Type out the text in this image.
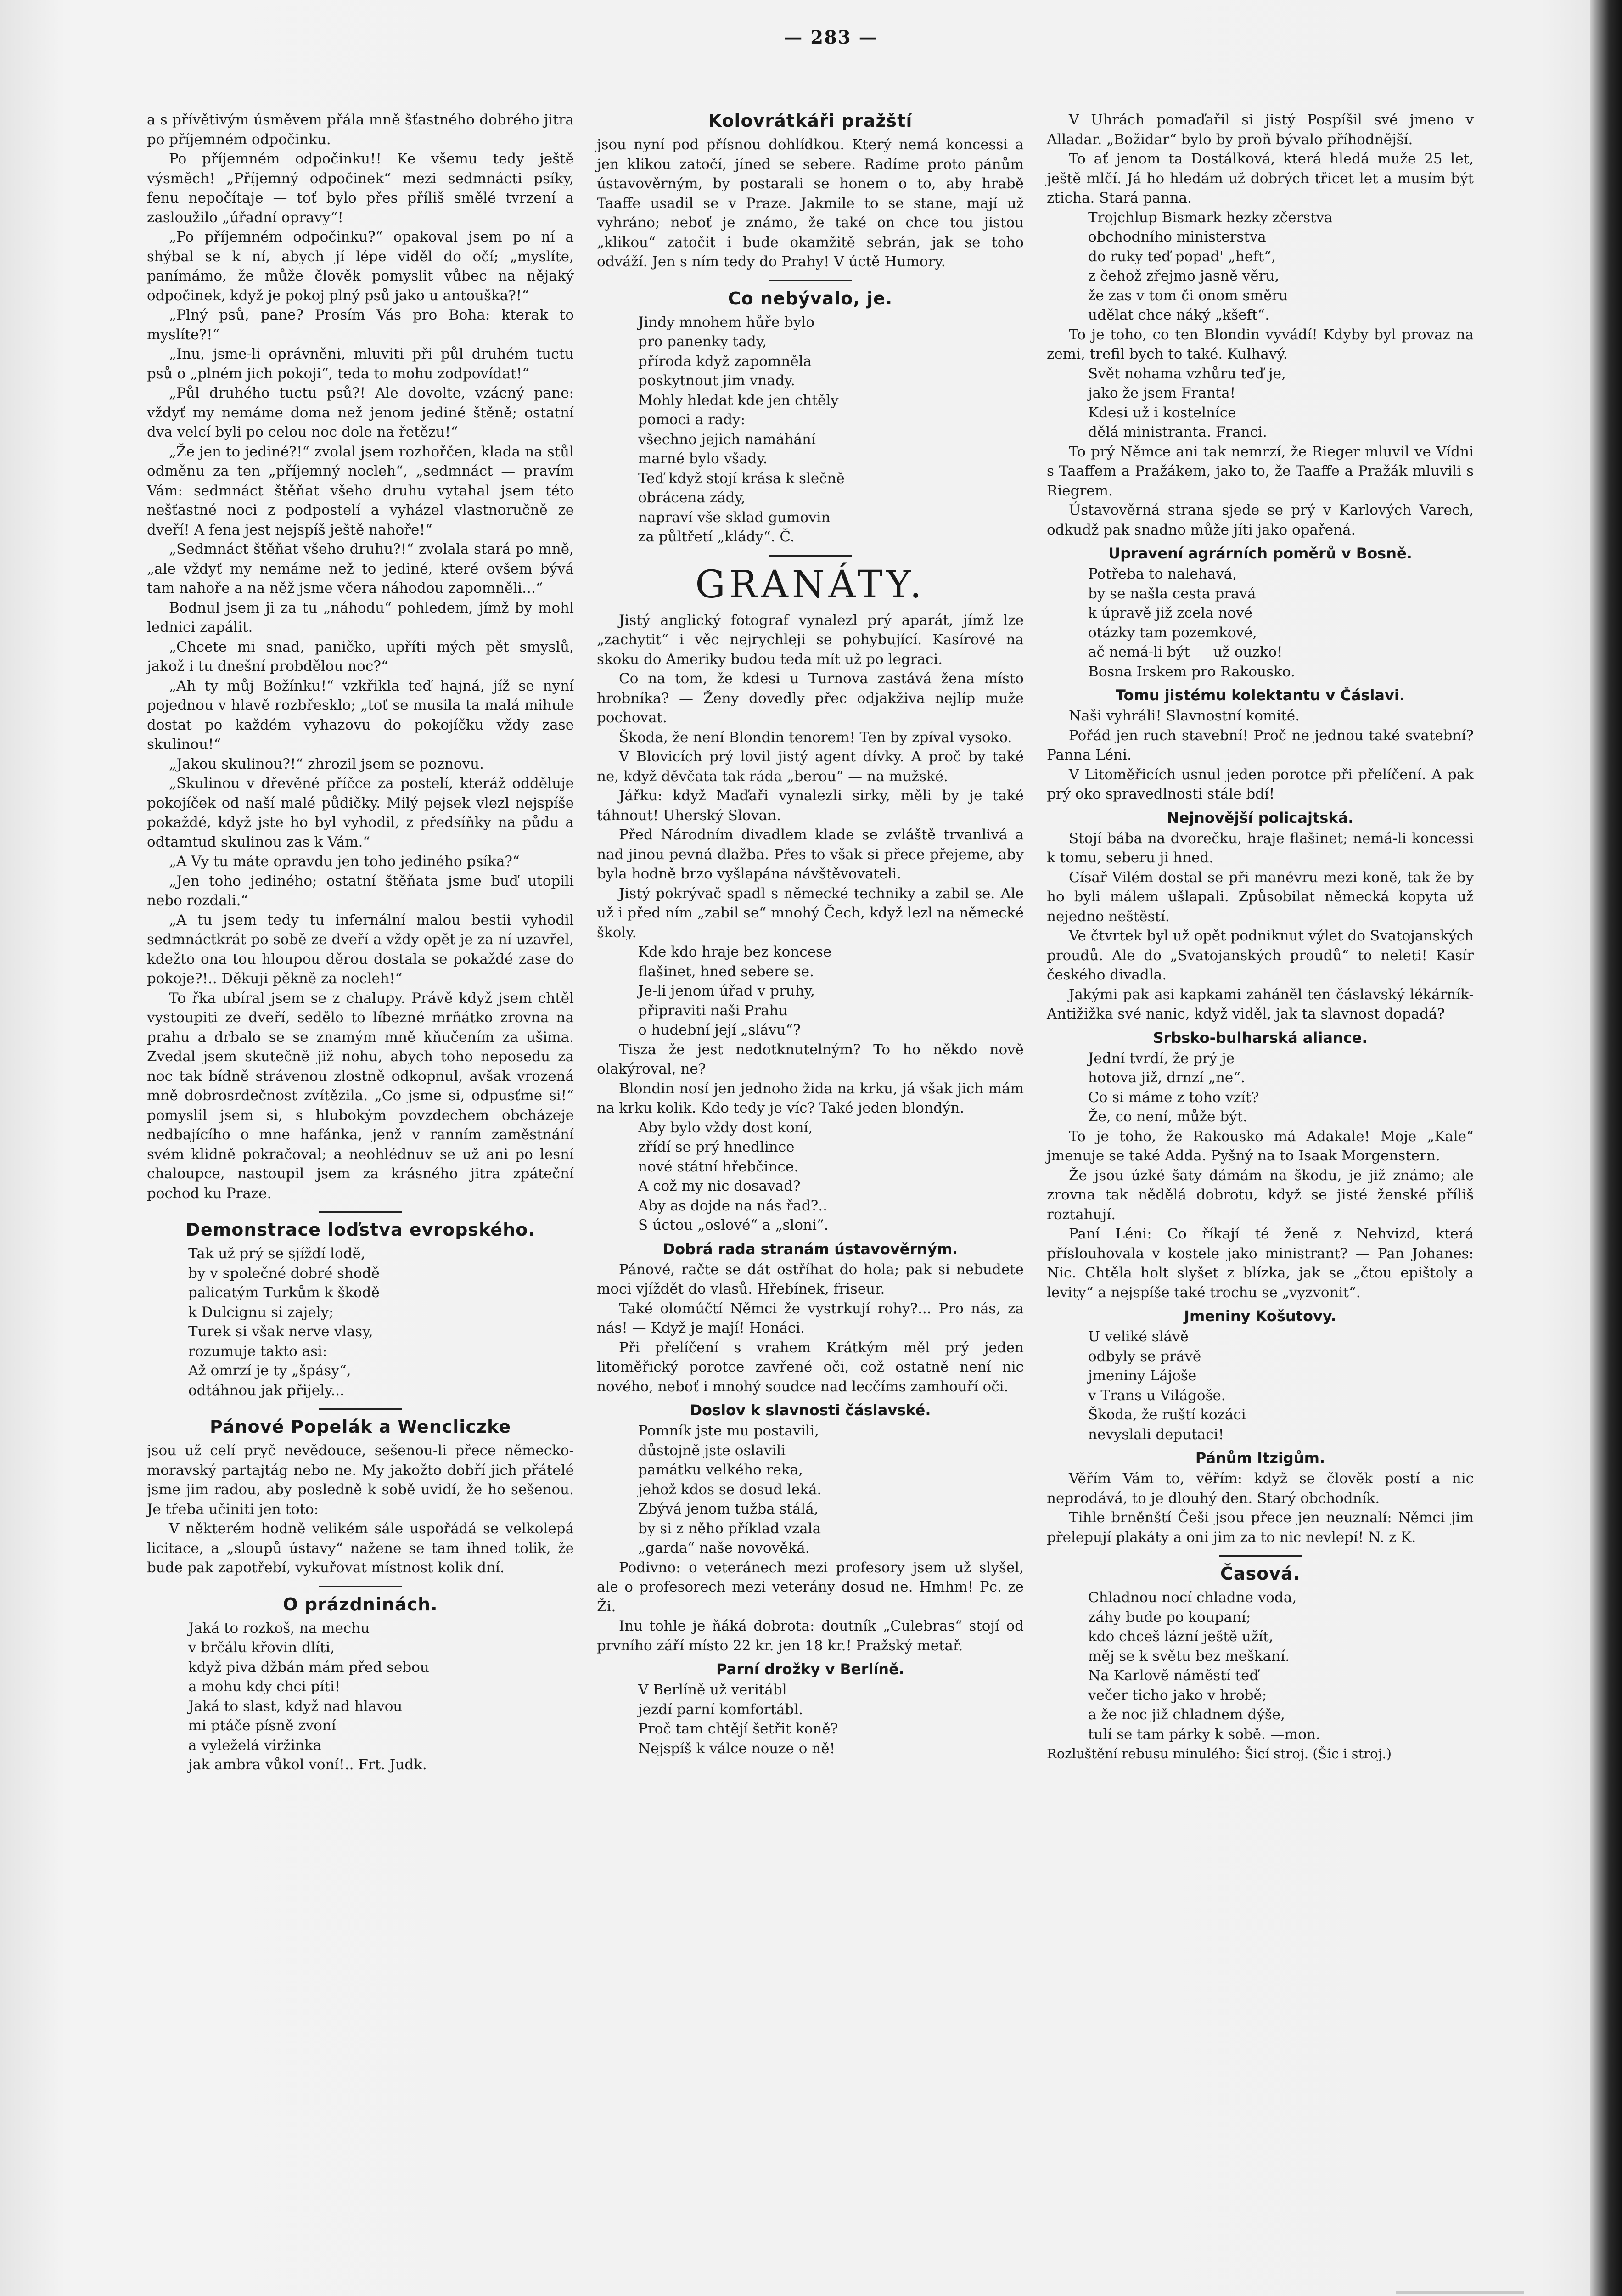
— 283 —

a s přívětivým úsměvem přála mně šťastného dobrého jitra po příjemném odpočinku.

Po příjemném odpočinku!! Ke všemu tedy ještě výsměch! „Příjemný odpočinek“ mezi sedmnácti psíky, fenu nepočítaje — toť bylo přes příliš smělé tvrzení a zasloužilo „úřadní opravy“!

„Po příjemném odpočinku?“ opakoval jsem po ní a shýbal se k ní, abych jí lépe viděl do očí; „myslíte, panímámo, že může člověk pomyslit vůbec na nějaký odpočinek, když je pokoj plný psů jako u antouška?!“

„Plný psů, pane? Prosím Vás pro Boha: kterak to myslíte?!“

„Inu, jsme-li oprávněni, mluviti při půl druhém tuctu psů o „plném jich pokoji“, teda to mohu zodpovídat!“

„Půl druhého tuctu psů?! Ale dovolte, vzácný pane: vždyť my nemáme doma než jenom jediné štěně; ostatní dva velcí byli po celou noc dole na řetězu!“

„Že jen to jediné?!“ zvolal jsem rozhořčen, klada na stůl odměnu za ten „příjemný nocleh“, „sedmnáct — pravím Vám: sedmnáct štěňat všeho druhu vytahal jsem této nešťastné noci z podpostelí a vyházel vlastnoručně ze dveří! A fena jest nejspíš ještě nahoře!“

„Sedmnáct štěňat všeho druhu?!“ zvolala stará po mně, „ale vždyť my nemáme než to jediné, které ovšem bývá tam nahoře a na něž jsme včera náhodou zapomněli...“

Bodnul jsem ji za tu „náhodu“ pohledem, jímž by mohl lednici zapálit.

„Chcete mi snad, paničko, upříti mých pět smyslů, jakož i tu dnešní probdělou noc?“

„Ah ty můj Božínku!“ vzkřikla teď hajná, jíž se nyní pojednou v hlavě rozbřesklo; „toť se musila ta malá mihule dostat po každém vyhazovu do pokojíčku vždy zase skulinou!“

„Jakou skulinou?!“ zhrozil jsem se poznovu.

„Skulinou v dřevěné příčce za postelí, kteráž odděluje pokojíček od naší malé půdičky. Milý pejsek vlezl nejspíše pokaždé, když jste ho byl vyhodil, z předsíňky na půdu a odtamtud skulinou zas k Vám.“

„A Vy tu máte opravdu jen toho jediného psíka?“

„Jen toho jediného; ostatní štěňata jsme buď utopili nebo rozdali.“

„A tu jsem tedy tu infernální malou bestii vyhodil sedmnáctkrát po sobě ze dveří a vždy opět je za ní uzavřel, kdežto ona tou hloupou děrou dostala se pokaždé zase do pokoje?!.. Děkuji pěkně za nocleh!“

To řka ubíral jsem se z chalupy. Právě když jsem chtěl vystoupiti ze dveří, sedělo to líbezné mrňátko zrovna na prahu a drbalo se se znamým mně kňučením za ušima. Zvedal jsem skutečně již nohu, abych toho neposedu za noc tak bídně strávenou zlostně odkopnul, avšak vrozená mně dobrosrdečnost zvítězila. „Co jsme si, odpusťme si!“ pomyslil jsem si, s hlubokým povzdechem obcházeje nedbajícího o mne hafánka, jenž v ranním zaměstnání svém klidně pokračoval; a neohlédnuv se už ani po lesní chaloupce, nastoupil jsem za krásného jitra zpáteční pochod ku Praze.

Demonstrace loďstva evropského.
Tak už prý se sjíždí lodě,
by v společné dobré shodě
palicatým Turkům k škodě
k Dulcignu si zajely;
Turek si však nerve vlasy,
rozumuje takto asi:
Až omrzí je ty „špásy“,
odtáhnou jak přijely...
Pánové Popelák a Wencliczke

jsou už celí pryč nevědouce, sešenou-li přece německo-moravský partajtág nebo ne. My jakožto dobří jich přátelé jsme jim radou, aby posledně k sobě uvidí, že ho sešenou. Je třeba učiniti jen toto:

V některém hodně velikém sále uspořádá se velkolepá licitace, a „sloupů ústavy“ nažene se tam ihned tolik, že bude pak zapotřebí, vykuřovat místnost kolik dní.

O prázdninách.
Jaká to rozkoš, na mechu
v brčálu křovin dlíti,
když piva džbán mám před sebou
a mohu kdy chci píti!
Jaká to slast, když nad hlavou
mi ptáče písně zvoní
a vyleželá viržinka
jak ambra vůkol voní!.. Frt. Judk.
Kolovrátkáři pražští

jsou nyní pod přísnou dohlídkou. Který nemá koncessi a jen klikou zatočí, jíned se sebere. Radíme proto pánům ústavověrným, by postarali se honem o to, aby hrabě Taaffe usadil se v Praze. Jakmile to se stane, mají už vyhráno; neboť je známo, že také on chce tou jistou „klikou“ zatočit i bude okamžitě sebrán, jak se toho odváží. Jen s ním tedy do Prahy! V úctě Humory.

Co nebývalo, je.
Jindy mnohem hůře bylo
pro panenky tady,
příroda když zapomněla
poskytnout jim vnady.
Mohly hledat kde jen chtěly
pomoci a rady:
všechno jejich namáhání
marné bylo všady.
Teď když stojí krása k slečně
obrácena zády,
napraví vše sklad gumovin
za půltřetí „klády“. Č.
GRANÁTY.

Jistý anglický fotograf vynalezl prý aparát, jímž lze „zachytit“ i věc nejrychleji se pohybující. Kasírové na skoku do Ameriky budou teda mít už po legraci.

Co na tom, že kdesi u Turnova zastává žena místo hrobníka? — Ženy dovedly přec odjakživa nejlíp muže pochovat.

Škoda, že není Blondin tenorem! Ten by zpíval vysoko.

V Blovicích prý lovil jistý agent dívky. A proč by také ne, když děvčata tak ráda „berou“ — na mužské.

Jářku: když Maďaři vynalezli sirky, měli by je také táhnout! Uherský Slovan.

Před Národním divadlem klade se zvláště trvanlivá a nad jinou pevná dlažba. Přes to však si přece přejeme, aby byla hodně brzo vyšlapána návštěvovateli.

Jistý pokrývač spadl s německé techniky a zabil se. Ale už i před ním „zabil se“ mnohý Čech, když lezl na německé školy.

Kde kdo hraje bez koncese
flašinet, hned sebere se.
Je-li jenom úřad v pruhy,
připraviti naši Prahu
o hudební její „slávu“?

Tisza že jest nedotknutelným? To ho někdo nově olakýroval, ne?

Blondin nosí jen jednoho žida na krku, já však jich mám na krku kolik. Kdo tedy je víc? Také jeden blondýn.

Aby bylo vždy dost koní,
zřídí se prý hnedlince
nové státní hřebčince.
A což my nic dosavad?
Aby as dojde na nás řad?..
S úctou „oslové“ a „sloni“.
Dobrá rada stranám ústavověrným.

Pánové, račte se dát ostříhat do hola; pak si nebudete moci vjíždět do vlasů. Hřebínek, friseur.

Také olomúčtí Němci že vystrkují rohy?... Pro nás, za nás! — Když je mají! Honáci.

Při přelíčení s vrahem Krátkým měl prý jeden litoměřický porotce zavřené oči, což ostatně není nic nového, neboť i mnohý soudce nad lecčíms zamhouří oči.

Doslov k slavnosti čáslavské.
Pomník jste mu postavili,
důstojně jste oslavili
památku velkého reka,
jehož kdos se dosud leká.
Zbývá jenom tužba stálá,
by si z něho příklad vzala
„garda“ naše novověká.

Podivno: o veteránech mezi profesory jsem už slyšel, ale o profesorech mezi veterány dosud ne. Hmhm! Pc. ze Ži.

Inu tohle je ňáká dobrota: doutník „Culebras“ stojí od prvního září místo 22 kr. jen 18 kr.! Pražský metař.

Parní drožky v Berlíně.
V Berlíně už veritábl
jezdí parní komfortábl.
Proč tam chtějí šetřit koně?
Nejspíš k válce nouze o ně!

V Uhrách pomaďařil si jistý Pospíšil své jmeno v Alladar. „Božidar“ bylo by proň bývalo příhodnější.

To ať jenom ta Dostálková, která hledá muže 25 let, ještě mlčí. Já ho hledám už dobrých třicet let a musím být zticha. Stará panna.

Trojchlup Bismark hezky zčerstva
obchodního ministerstva
do ruky teď popad' „heft“,
z čehož zřejmo jasně věru,
že zas v tom či onom směru
udělat chce náký „kšeft“.

To je toho, co ten Blondin vyvádí! Kdyby byl provaz na zemi, trefil bych to také. Kulhavý.

Svět nohama vzhůru teď je,
jako že jsem Franta!
Kdesi už i kostelníce
dělá ministranta. Franci.

To prý Němce ani tak nemrzí, že Rieger mluvil ve Vídni s Taaffem a Pražákem, jako to, že Taaffe a Pražák mluvili s Riegrem.

Ústavověrná strana sjede se prý v Karlových Varech, odkudž pak snadno může jíti jako opařená.

Upravení agrárních poměrů v Bosně.
Potřeba to nalehavá,
by se našla cesta pravá
k úpravě již zcela nové
otázky tam pozemkové,
ač nemá-li být — už ouzko! —
Bosna Irskem pro Rakousko.
Tomu jistému kolektantu v Čáslavi.

Naši vyhráli! Slavnostní komité.

Pořád jen ruch stavební! Proč ne jednou také svatební? Panna Léni.

V Litoměřicích usnul jeden porotce při přelíčení. A pak prý oko spravedlnosti stále bdí!

Nejnovější policajtská.

Stojí bába na dvorečku, hraje flašinet; nemá-li koncessi k tomu, seberu ji hned.

Císař Vilém dostal se při manévru mezi koně, tak že by ho byli málem ušlapali. Způsobilat německá kopyta už nejedno neštěstí.

Ve čtvrtek byl už opět podniknut výlet do Svatojanských proudů. Ale do „Svatojanských proudů“ to neleti! Kasír českého divadla.

Jakými pak asi kapkami zaháněl ten čáslavský lékárník-Antižižka své nanic, když viděl, jak ta slavnost dopadá?

Srbsko-bulharská aliance.
Jední tvrdí, že prý je
hotova již, drnzí „ne“.
Co si máme z toho vzít?
Že, co není, může být.

To je toho, že Rakousko má Adakale! Moje „Kale“ jmenuje se také Adda. Pyšný na to Isaak Morgenstern.

Že jsou úzké šaty dámám na škodu, je již známo; ale zrovna tak nědělá dobrotu, když se jisté ženské příliš roztahují.

Paní Léni: Co říkají té ženě z Nehvizd, která příslouhovala v kostele jako ministrant? — Pan Johanes: Nic. Chtěla holt slyšet z blízka, jak se „čtou epištoly a levity“ a nejspíše také trochu se „vyzvonit“.

Jmeniny Košutovy.
U veliké slávě
odbyly se právě
jmeniny Lájoše
v Trans u Világoše.
Škoda, že ruští kozáci
nevyslali deputaci!
Pánům Itzigům.

Věřím Vám to, věřím: když se člověk postí a nic neprodává, to je dlouhý den. Starý obchodník.

Tihle brněnští Češi jsou přece jen neuznalí: Němci jim přelepují plakáty a oni jim za to nic nevlepí! N. z K.

Časová.
Chladnou nocí chladne voda,
záhy bude po koupaní;
kdo chceš lázní ještě užít,
měj se k světu bez meškaní.
Na Karlově náměstí teď
večer ticho jako v hrobě;
a že noc již chladnem dýše,
tulí se tam párky k sobě. —mon.

Rozluštění rebusu minulého: Šicí stroj. (Šic i stroj.)
